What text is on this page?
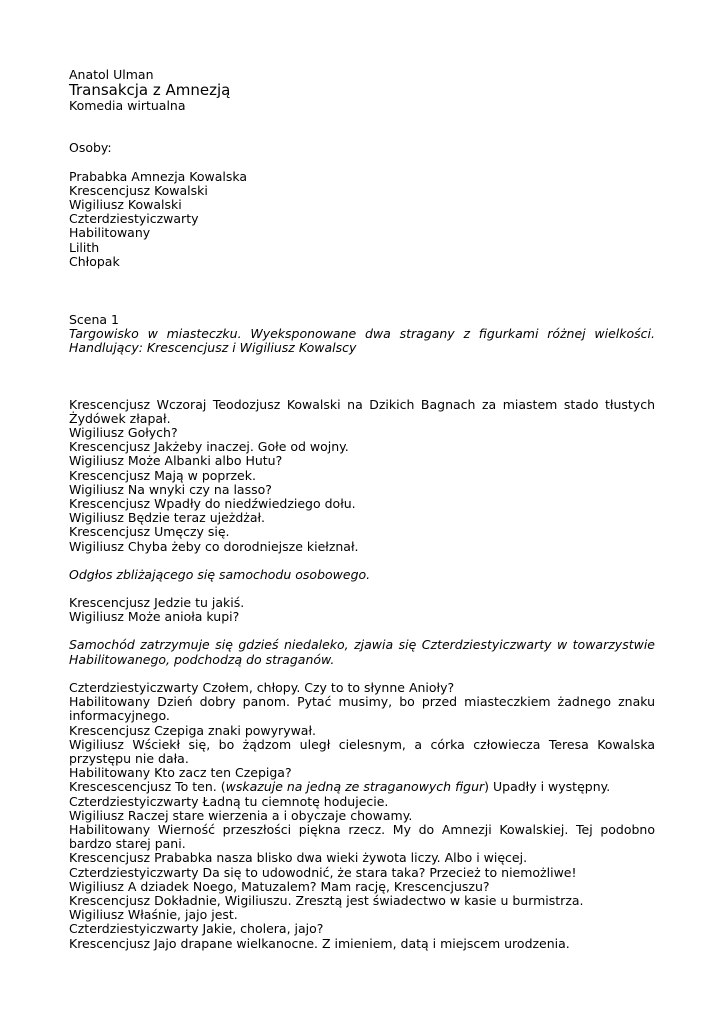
Anatol Ulman
Transakcja z Amnezją
Komedia wirtualna
Osoby:
Prababka Amnezja Kowalska
Krescencjusz Kowalski
Wigiliusz Kowalski
Czterdziestyiczwarty
Habilitowany
Lilith
Chłopak
Scena 1

Targowisko w miasteczku. Wyeksponowane dwa stragany z figurkami różnej wielkości. Handlujący: Krescencjusz i Wigiliusz Kowalscy

Krescencjusz Wczoraj Teodozjusz Kowalski na Dzikich Bagnach za miastem stado tłustych Żydówek złapał.

Wigiliusz Gołych?

Krescencjusz Jakżeby inaczej. Gołe od wojny.

Wigiliusz Może Albanki albo Hutu?

Krescencjusz Mają w poprzek.

Wigiliusz Na wnyki czy na lasso?

Krescencjusz Wpadły do niedźwiedziego dołu.

Wigiliusz Będzie teraz ujeżdżał.

Krescencjusz Umęczy się.

Wigiliusz Chyba żeby co dorodniejsze kiełznał.

Odgłos zbliżającego się samochodu osobowego.

Krescencjusz Jedzie tu jakiś.

Wigiliusz Może anioła kupi?

Samochód zatrzymuje się gdzieś niedaleko, zjawia się Czterdziestyiczwarty w towarzystwie Habilitowanego, podchodzą do straganów.

Czterdziestyiczwarty Czołem, chłopy. Czy to to słynne Anioły?

Habilitowany Dzień dobry panom. Pytać musimy, bo przed miasteczkiem żadnego znaku informacyjnego.

Krescencjusz Czepiga znaki powyrywał.

Wigiliusz Wściekł się, bo żądzom uległ cielesnym, a córka człowiecza Teresa Kowalska przystępu nie dała.

Habilitowany Kto zacz ten Czepiga?

Krescescencjusz To ten. (wskazuje na jedną ze straganowych figur) Upadły i występny.

Czterdziestyiczwarty Ładną tu ciemnotę hodujecie.

Wigiliusz Raczej stare wierzenia a i obyczaje chowamy.

Habilitowany Wierność przeszłości piękna rzecz. My do Amnezji Kowalskiej. Tej podobno bardzo starej pani.

Krescencjusz Prababka nasza blisko dwa wieki żywota liczy. Albo i więcej.

Czterdziestyiczwarty Da się to udowodnić, że stara taka? Przecież to niemożliwe!

Wigiliusz A dziadek Noego, Matuzalem? Mam rację, Krescencjuszu?

Krescencjusz Dokładnie, Wigiliuszu. Zresztą jest świadectwo w kasie u burmistrza.

Wigiliusz Właśnie, jajo jest.

Czterdziestyiczwarty Jakie, cholera, jajo?

Krescencjusz Jajo drapane wielkanocne. Z imieniem, datą i miejscem urodzenia.
